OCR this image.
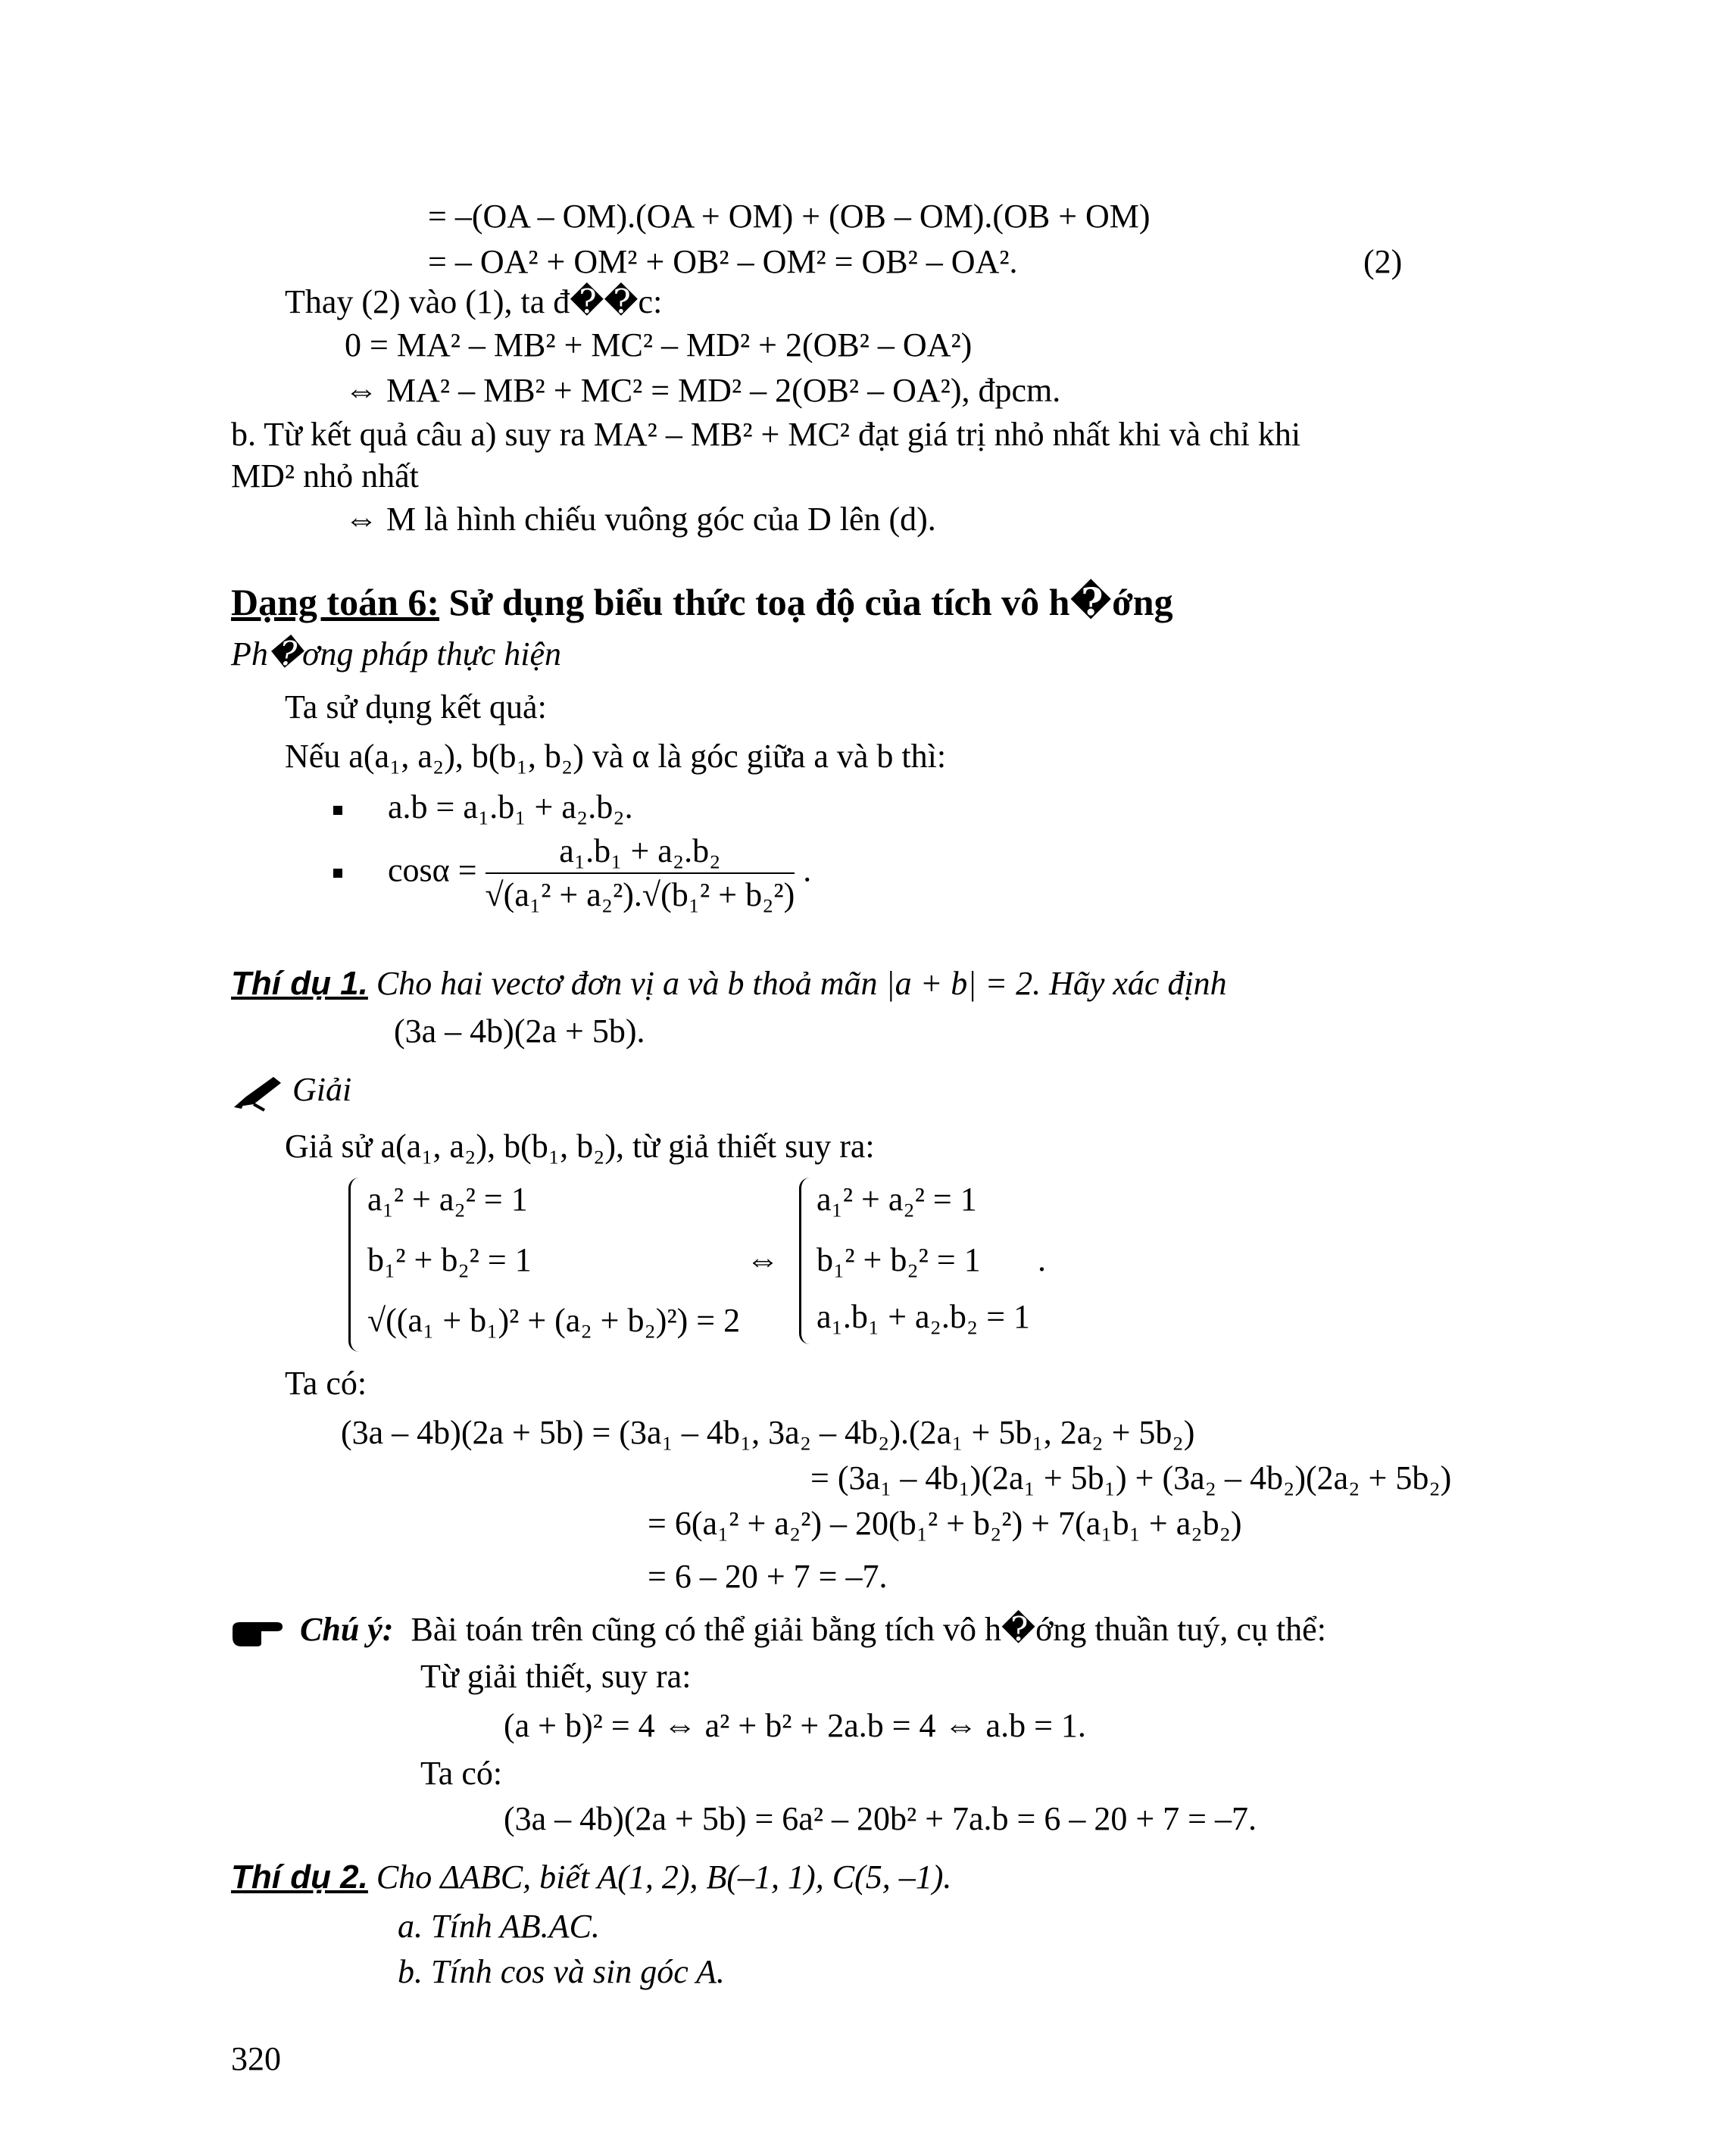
= –(OA – OM).(OA + OM) + (OB – OM).(OB + OM)
= – OA² + OM² + OB² – OM² = OB² – OA².	(2)
Thay (2) vào (1), ta đ��c:
0 = MA² – MB² + MC² – MD² + 2(OB² – OA²)
⇔ MA² – MB² + MC² = MD² – 2(OB² – OA²), đpcm.
b. Từ kết quả câu a) suy ra MA² – MB² + MC² đạt giá trị nhỏ nhất khi và chỉ khi
MD² nhỏ nhất
⇔ M là hình chiếu vuông góc của D lên (d).
Dạng toán 6: Sử dụng biểu thức toạ độ của tích vô h�ớng
Ph�ơng pháp thực hiện
Ta sử dụng kết quả:
Nếu a(a₁, a₂), b(b₁, b₂) và α là góc giữa a và b thì:
a.b = a₁.b₁ + a₂.b₂.
$\cos\alpha = \frac{\text{a₁.b₁ + a₂.b₂}}{\text{√(a₁² + a₂²).√(b₁² + b₂²)}}$ .
Thí dụ 1. Cho hai vectơ đơn vị a và b thoả mãn |a + b| = 2. Hãy xác định
(3a – 4b)(2a + 5b).
Giải
Giả sử a(a₁, a₂), b(b₁, b₂), từ giả thiết suy ra:
a₁² + a₂² = 1
b₁² + b₂² = 1
√((a₁ + b₁)² + (a₂ + b₂)²) = 2
⇔
a₁² + a₂² = 1
b₁² + b₂² = 1
a₁.b₁ + a₂.b₂ = 1
.
Ta có:
(3a – 4b)(2a + 5b) = (3a₁ – 4b₁, 3a₂ – 4b₂).(2a₁ + 5b₁, 2a₂ + 5b₂)
= (3a₁ – 4b₁)(2a₁ + 5b₁) + (3a₂ – 4b₂)(2a₂ + 5b₂)
= 6(a₁² + a₂²) – 20(b₁² + b₂²) + 7(a₁b₁ + a₂b₂)
= 6 – 20 + 7 = –7.
Chú ý: Bài toán trên cũng có thể giải bằng tích vô h�ớng thuần tuý, cụ thể:
Từ giải thiết, suy ra:
(a + b)² = 4 ⇔ a² + b² + 2a.b = 4 ⇔ a.b = 1.
Ta có:
(3a – 4b)(2a + 5b) = 6a² – 20b² + 7a.b = 6 – 20 + 7 = –7.
Thí dụ 2. Cho ΔABC, biết A(1, 2), B(–1, 1), C(5, –1).
a. Tính AB.AC.
b. Tính cos và sin góc A.
320
